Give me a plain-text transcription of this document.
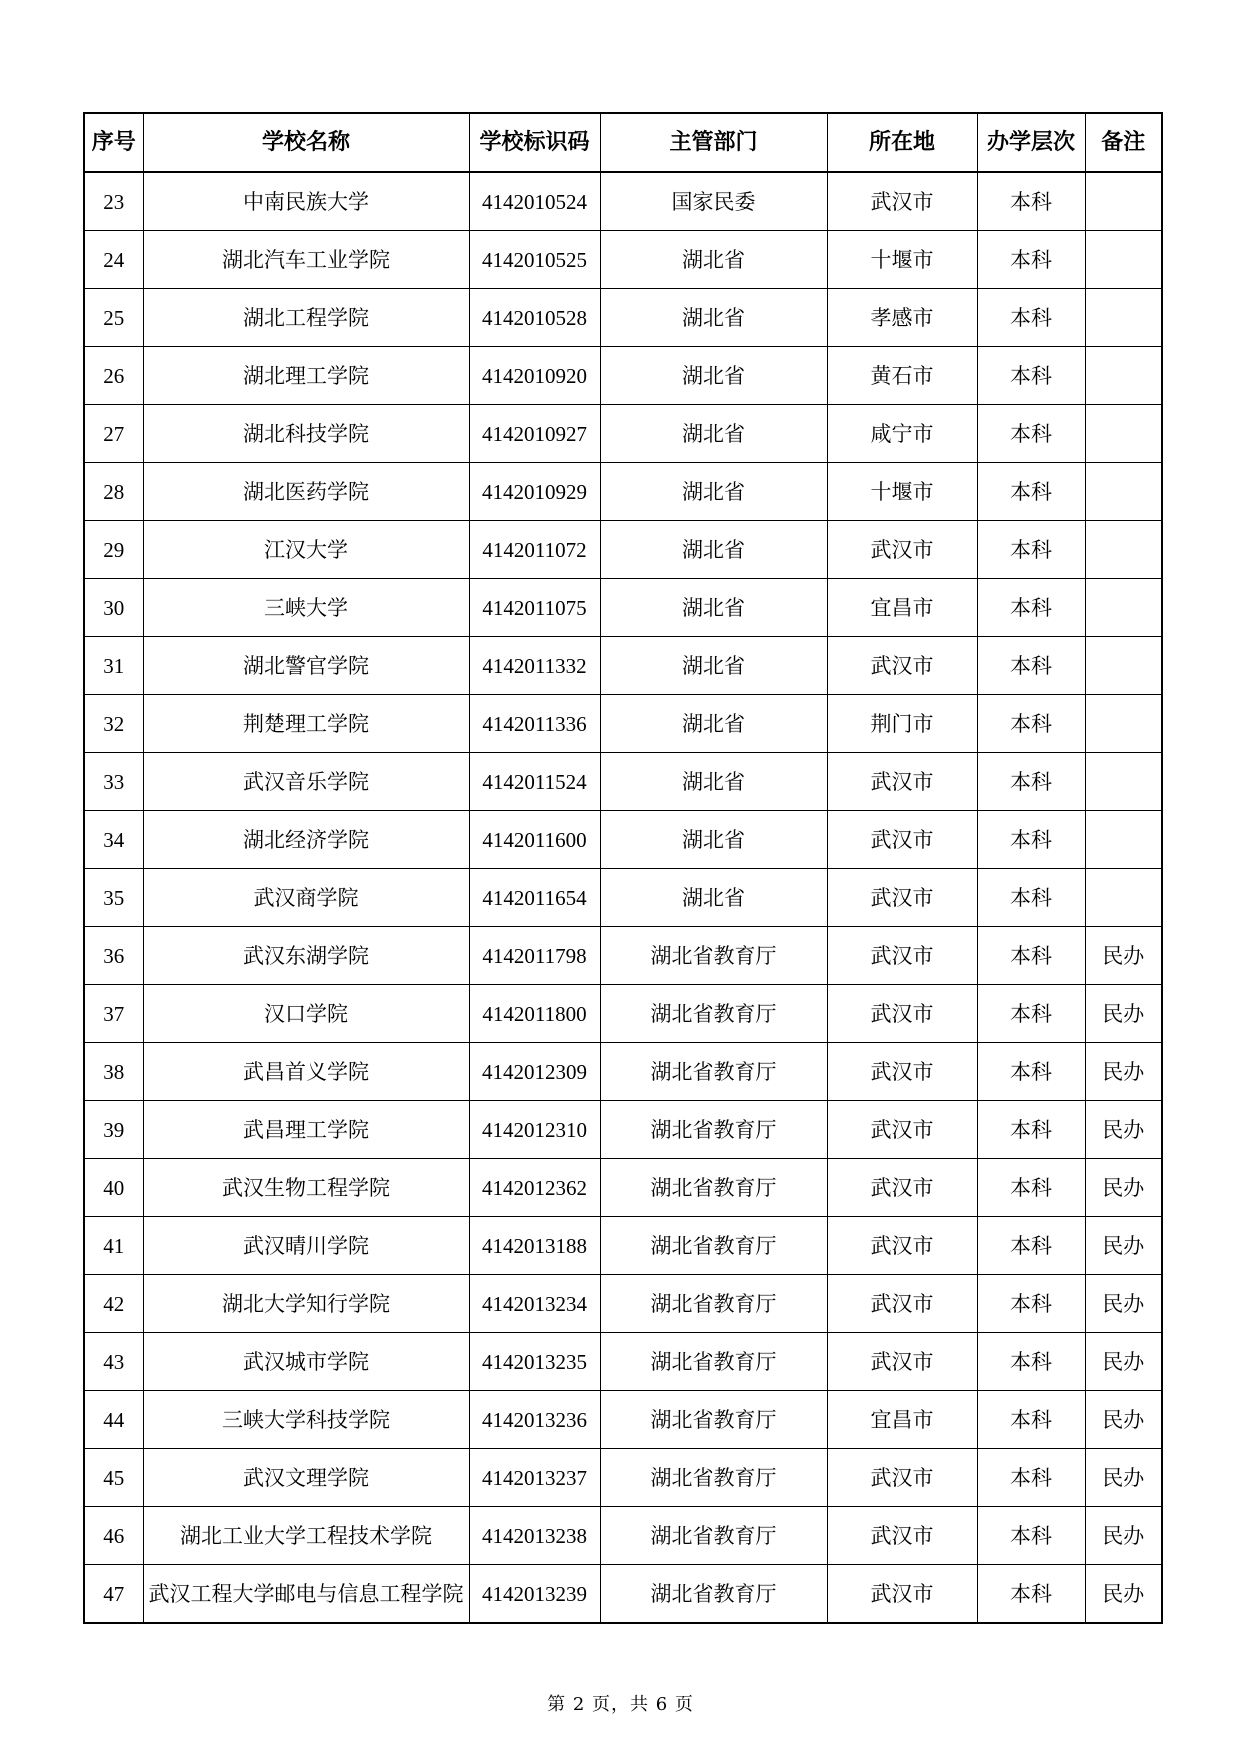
序号	学校名称	学校标识码	主管部门	所在地	办学层次	备注
23	中南民族大学	4142010524	国家民委	武汉市	本科	
24	湖北汽车工业学院	4142010525	湖北省	十堰市	本科	
25	湖北工程学院	4142010528	湖北省	孝感市	本科	
26	湖北理工学院	4142010920	湖北省	黄石市	本科	
27	湖北科技学院	4142010927	湖北省	咸宁市	本科	
28	湖北医药学院	4142010929	湖北省	十堰市	本科	
29	江汉大学	4142011072	湖北省	武汉市	本科	
30	三峡大学	4142011075	湖北省	宜昌市	本科	
31	湖北警官学院	4142011332	湖北省	武汉市	本科	
32	荆楚理工学院	4142011336	湖北省	荆门市	本科	
33	武汉音乐学院	4142011524	湖北省	武汉市	本科	
34	湖北经济学院	4142011600	湖北省	武汉市	本科	
35	武汉商学院	4142011654	湖北省	武汉市	本科	
36	武汉东湖学院	4142011798	湖北省教育厅	武汉市	本科	民办
37	汉口学院	4142011800	湖北省教育厅	武汉市	本科	民办
38	武昌首义学院	4142012309	湖北省教育厅	武汉市	本科	民办
39	武昌理工学院	4142012310	湖北省教育厅	武汉市	本科	民办
40	武汉生物工程学院	4142012362	湖北省教育厅	武汉市	本科	民办
41	武汉晴川学院	4142013188	湖北省教育厅	武汉市	本科	民办
42	湖北大学知行学院	4142013234	湖北省教育厅	武汉市	本科	民办
43	武汉城市学院	4142013235	湖北省教育厅	武汉市	本科	民办
44	三峡大学科技学院	4142013236	湖北省教育厅	宜昌市	本科	民办
45	武汉文理学院	4142013237	湖北省教育厅	武汉市	本科	民办
46	湖北工业大学工程技术学院	4142013238	湖北省教育厅	武汉市	本科	民办
47	武汉工程大学邮电与信息工程学院	4142013239	湖北省教育厅	武汉市	本科	民办
第 2 页，共 6 页
